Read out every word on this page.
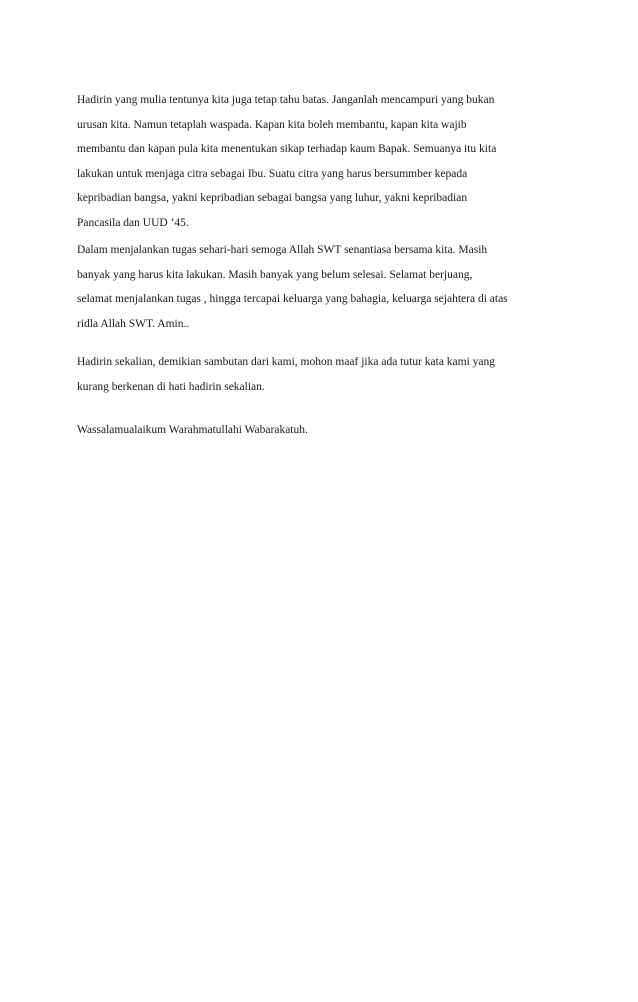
Hadirin yang mulia tentunya kita juga tetap tahu batas. Janganlah mencampuri yang bukan
urusan kita. Namun tetaplah waspada. Kapan kita boleh membantu, kapan kita wajib
membantu dan kapan pula kita menentukan sikap terhadap kaum Bapak. Semuanya itu kita
lakukan untuk menjaga citra sebagai Ibu. Suatu citra yang harus bersummber kepada
kepribadian bangsa, yakni kepribadian sebagai bangsa yang luhur, yakni kepribadian
Pancasila dan UUD ‘45.

Dalam menjalankan tugas sehari-hari semoga Allah SWT senantiasa bersama kita. Masih
banyak yang harus kita lakukan. Masih banyak yang belum selesai. Selamat berjuang,
selamat menjalankan tugas , hingga tercapai keluarga yang bahagia, keluarga sejahtera di atas
ridla Allah SWT. Amin..

Hadirin sekalian, demikian sambutan dari kami, mohon maaf jika ada tutur kata kami yang
kurang berkenan di hati hadirin sekalian.

Wassalamualaikum Warahmatullahi Wabarakatuh.
